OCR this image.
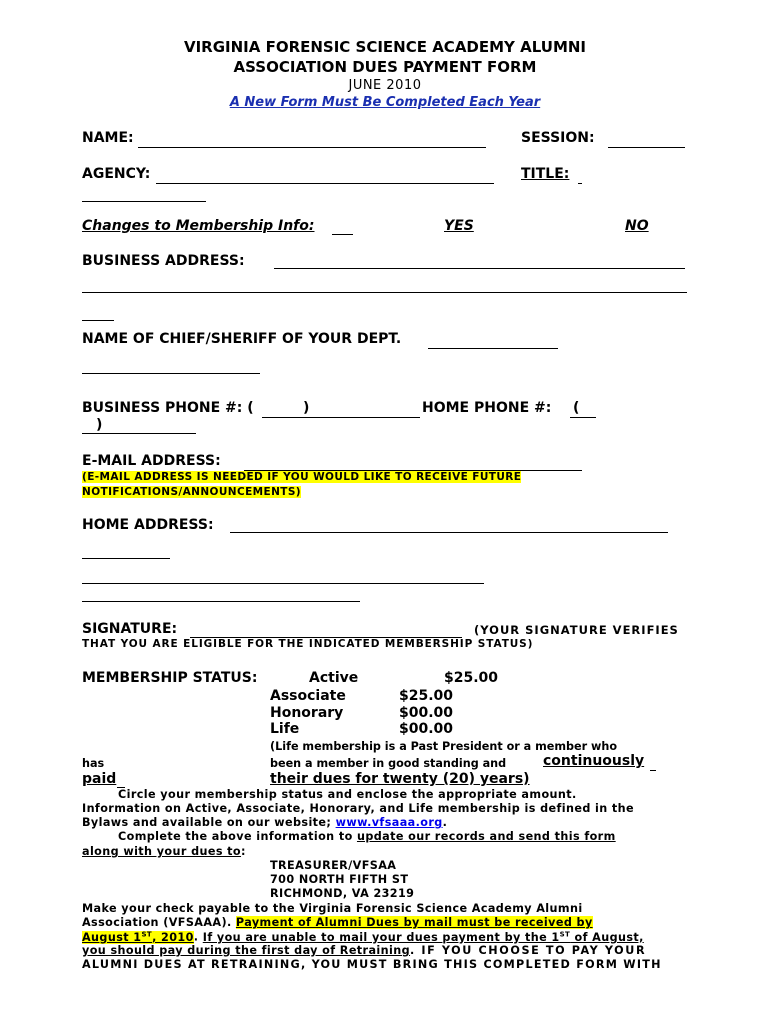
VIRGINIA FORENSIC SCIENCE ACADEMY ALUMNI
ASSOCIATION DUES PAYMENT FORM
JUNE 2010
A New Form Must Be Completed Each Year
NAME:	SESSION:
AGENCY:	TITLE:
Changes to Membership Info:	YES	NO
BUSINESS ADDRESS:
NAME OF CHIEF/SHERIFF OF YOUR DEPT.
BUSINESS PHONE #: (	)	HOME PHONE #: (
)
E-MAIL ADDRESS:
(E-MAIL ADDRESS IS NEEDED IF YOU WOULD LIKE TO RECEIVE FUTURE
NOTIFICATIONS/ANNOUNCEMENTS)
HOME ADDRESS:
SIGNATURE:	(YOUR SIGNATURE VERIFIES
THAT YOU ARE ELIGIBLE FOR THE INDICATED MEMBERSHIP STATUS)
MEMBERSHIP STATUS:	Active	$25.00
Associate	$25.00
Honorary	$00.00
Life	$00.00
(Life membership is a Past President or a member who
has	been a member in good standing and	continuously
paid	their dues for twenty (20) years)
Circle your membership status and enclose the appropriate amount.
Information on Active, Associate, Honorary, and Life membership is defined in the
Bylaws and available on our website; www.vfsaaa.org.
Complete the above information to update our records and send this form
along with your dues to:
TREASURER/VFSAA
700 NORTH FIFTH ST
RICHMOND, VA 23219
Make your check payable to the Virginia Forensic Science Academy Alumni
Association (VFSAAA). Payment of Alumni Dues by mail must be received by
August 1ST, 2010. If you are unable to mail your dues payment by the 1ST of August,
you should pay during the first day of Retraining. IF YOU CHOOSE TO PAY YOUR
ALUMNI DUES AT RETRAINING, YOU MUST BRING THIS COMPLETED FORM WITH
